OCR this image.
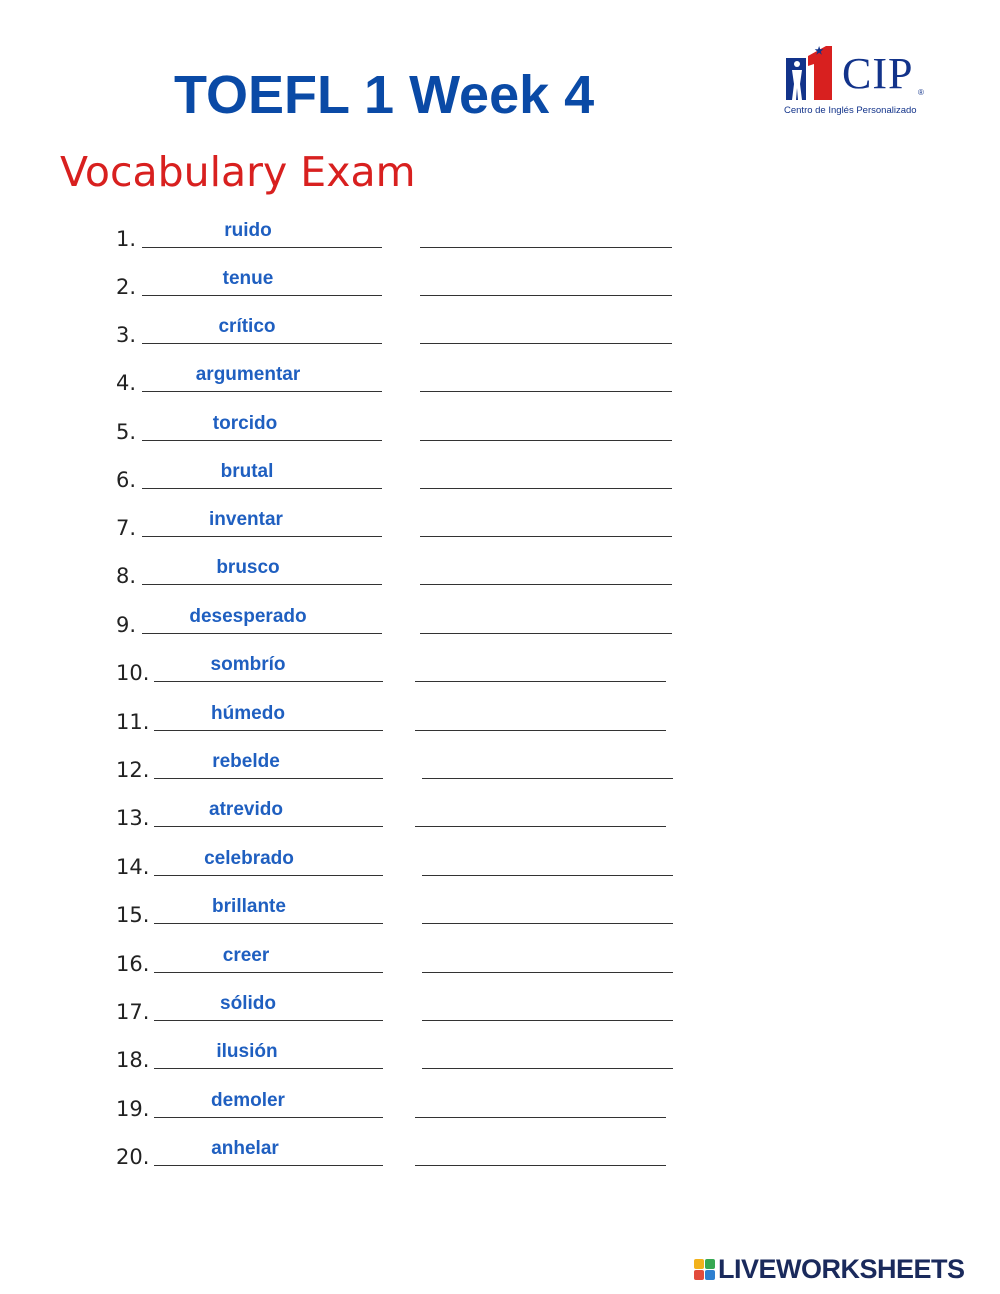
TOEFL 1 Week 4
Vocabulary Exam
CIP ®
Centro de Inglés Personalizado
1.	ruido
2.	tenue
3.	crítico
4.	argumentar
5.	torcido
6.	brutal
7.	inventar
8.	brusco
9.	desesperado
10.	sombrío
11.	húmedo
12.	rebelde
13.	atrevido
14.	celebrado
15.	brillante
16.	creer
17.	sólido
18.	ilusión
19.	demoler
20.	anhelar
LIVEWORKSHEETS
